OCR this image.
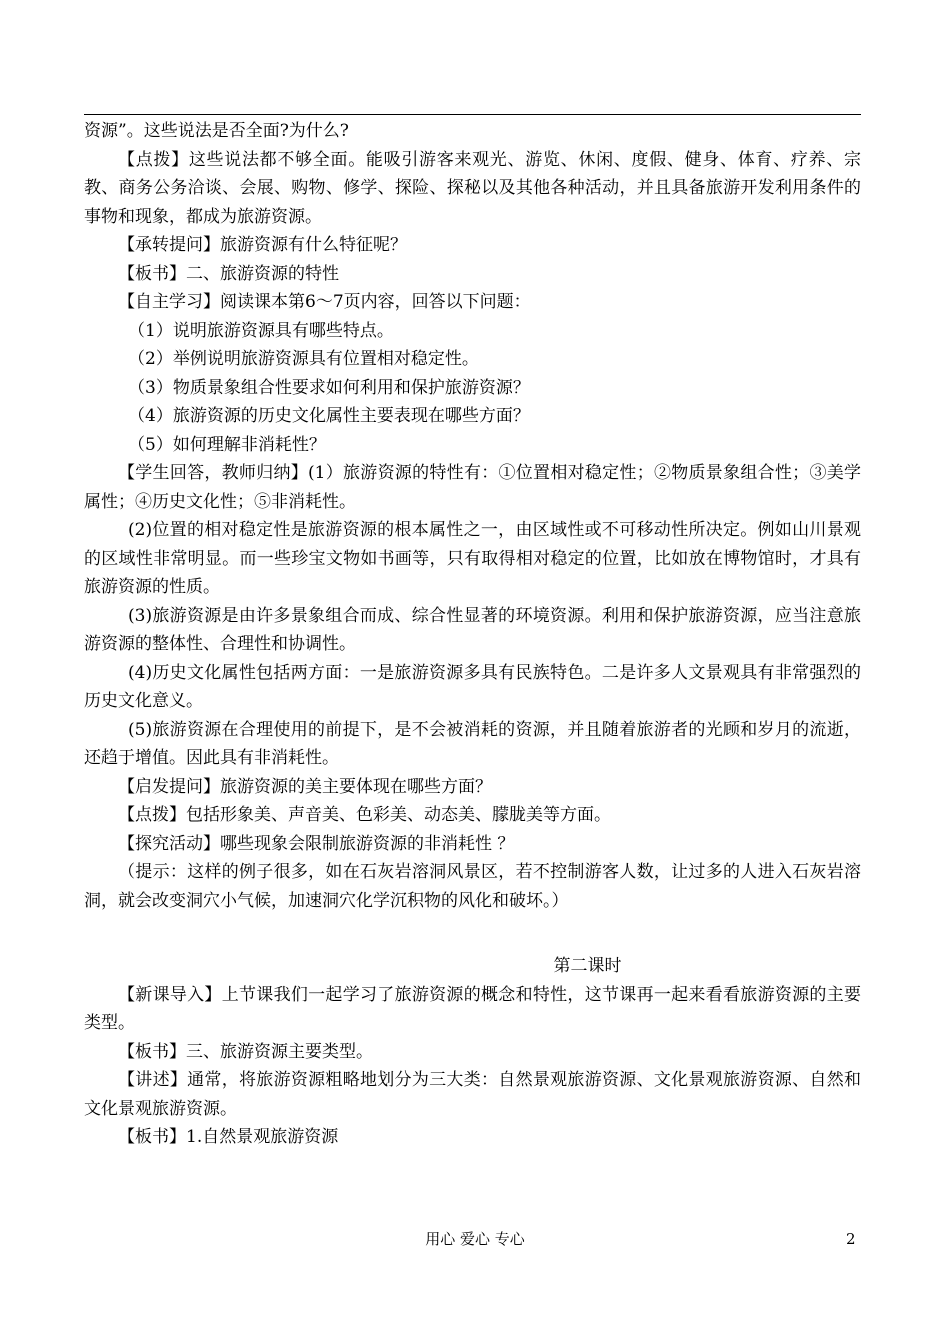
资源”。这些说法是否全面?为什么?

【点拨】这些说法都不够全面。能吸引游客来观光、游览、休闲、度假、健身、体育、疗养、宗教、商务公务洽谈、会展、购物、修学、探险、探秘以及其他各种活动，并且具备旅游开发利用条件的事物和现象，都成为旅游资源。

【承转提问】旅游资源有什么特征呢？

【板书】二、旅游资源的特性

【自主学习】阅读课本第6～7页内容，回答以下问题：

（1）说明旅游资源具有哪些特点。

（2）举例说明旅游资源具有位置相对稳定性。

（3）物质景象组合性要求如何利用和保护旅游资源？

（4）旅游资源的历史文化属性主要表现在哪些方面？

（5）如何理解非消耗性？

【学生回答，教师归纳】(1）旅游资源的特性有：①位置相对稳定性；②物质景象组合性；③美学属性；④历史文化性；⑤非消耗性。

(2)位置的相对稳定性是旅游资源的根本属性之一，由区域性或不可移动性所决定。例如山川景观的区域性非常明显。而一些珍宝文物如书画等，只有取得相对稳定的位置，比如放在博物馆时，才具有旅游资源的性质。

(3)旅游资源是由许多景象组合而成、综合性显著的环境资源。利用和保护旅游资源，应当注意旅游资源的整体性、合理性和协调性。

(4)历史文化属性包括两方面：一是旅游资源多具有民族特色。二是许多人文景观具有非常强烈的历史文化意义。

(5)旅游资源在合理使用的前提下，是不会被消耗的资源，并且随着旅游者的光顾和岁月的流逝，还趋于增值。因此具有非消耗性。

【启发提问】旅游资源的美主要体现在哪些方面？

【点拨】包括形象美、声音美、色彩美、动态美、朦胧美等方面。

【探究活动】哪些现象会限制旅游资源的非消耗性 ？

（提示：这样的例子很多，如在石灰岩溶洞风景区，若不控制游客人数，让过多的人进入石灰岩溶洞，就会改变洞穴小气候，加速洞穴化学沉积物的风化和破坏。）

第二课时

【新课导入】上节课我们一起学习了旅游资源的概念和特性，这节课再一起来看看旅游资源的主要类型。

【板书】三、旅游资源主要类型。

【讲述】通常，将旅游资源粗略地划分为三大类：自然景观旅游资源、文化景观旅游资源、自然和文化景观旅游资源。

【板书】1.自然景观旅游资源

用心 爱心 专心	2
